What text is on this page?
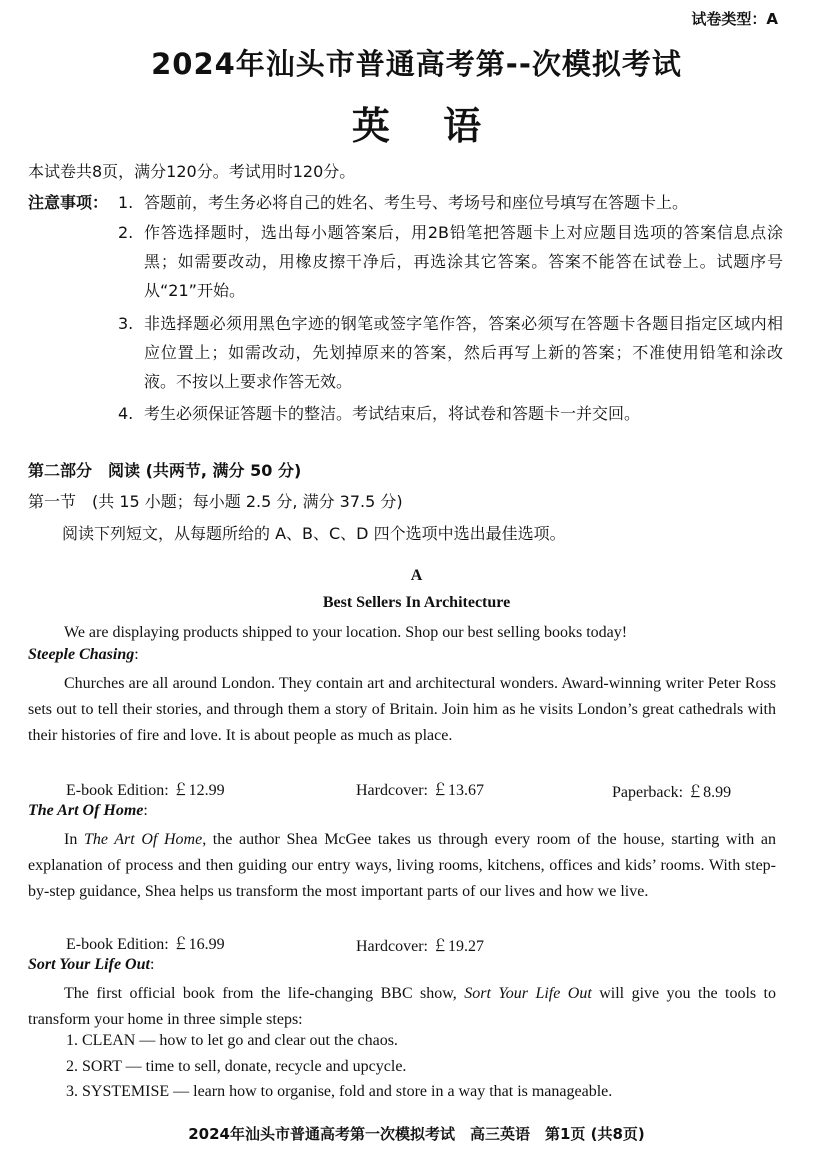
试卷类型：A
2024年汕头市普通高考第--次模拟考试
英 语
本试卷共8页，满分120分。考试用时120分。
注意事项： 1. 答题前，考生务必将自己的姓名、考生号、考场号和座位号填写在答题卡上。
2. 作答选择题时，选出每小题答案后，用2B铅笔把答题卡上对应题目选项的答案信息点涂黑；如需要改动，用橡皮擦干净后，再选涂其它答案。答案不能答在试卷上。试题序号从“21”开始。
3. 非选择题必须用黑色字迹的钢笔或签字笔作答，答案必须写在答题卡各题目指定区域内相应位置上；如需改动，先划掉原来的答案，然后再写上新的答案；不准使用铅笔和涂改液。不按以上要求作答无效。
4. 考生必须保证答题卡的整洁。考试结束后，将试卷和答题卡一并交回。
第二部分　阅读 (共两节, 满分 50 分)
第一节　(共 15 小题；每小题 2.5 分, 满分 37.5 分)
阅读下列短文，从每题所给的 A、B、C、D 四个选项中选出最佳选项。
A
Best Sellers In Architecture
We are displaying products shipped to your location. Shop our best selling books today!
Steeple Chasing:
Churches are all around London. They contain art and architectural wonders. Award-winning writer Peter Ross sets out to tell their stories, and through them a story of Britain. Join him as he visits London’s great cathedrals with their histories of fire and love. It is about people as much as place.
E-book Edition: ￡12.99	Hardcover: ￡13.67	Paperback: ￡8.99
The Art Of Home:
In The Art Of Home, the author Shea McGee takes us through every room of the house, starting with an explanation of process and then guiding our entry ways, living rooms, kitchens, offices and kids’ rooms. With step-by-step guidance, Shea helps us transform the most important parts of our lives and how we live.
E-book Edition: ￡16.99	Hardcover: ￡19.27
Sort Your Life Out:
The first official book from the life-changing BBC show, Sort Your Life Out will give you the tools to transform your home in three simple steps:
1. CLEAN — how to let go and clear out the chaos.
2. SORT — time to sell, donate, recycle and upcycle.
3. SYSTEMISE — learn how to organise, fold and store in a way that is manageable.
2024年汕头市普通高考第一次模拟考试　高三英语　第1页 (共8页)
